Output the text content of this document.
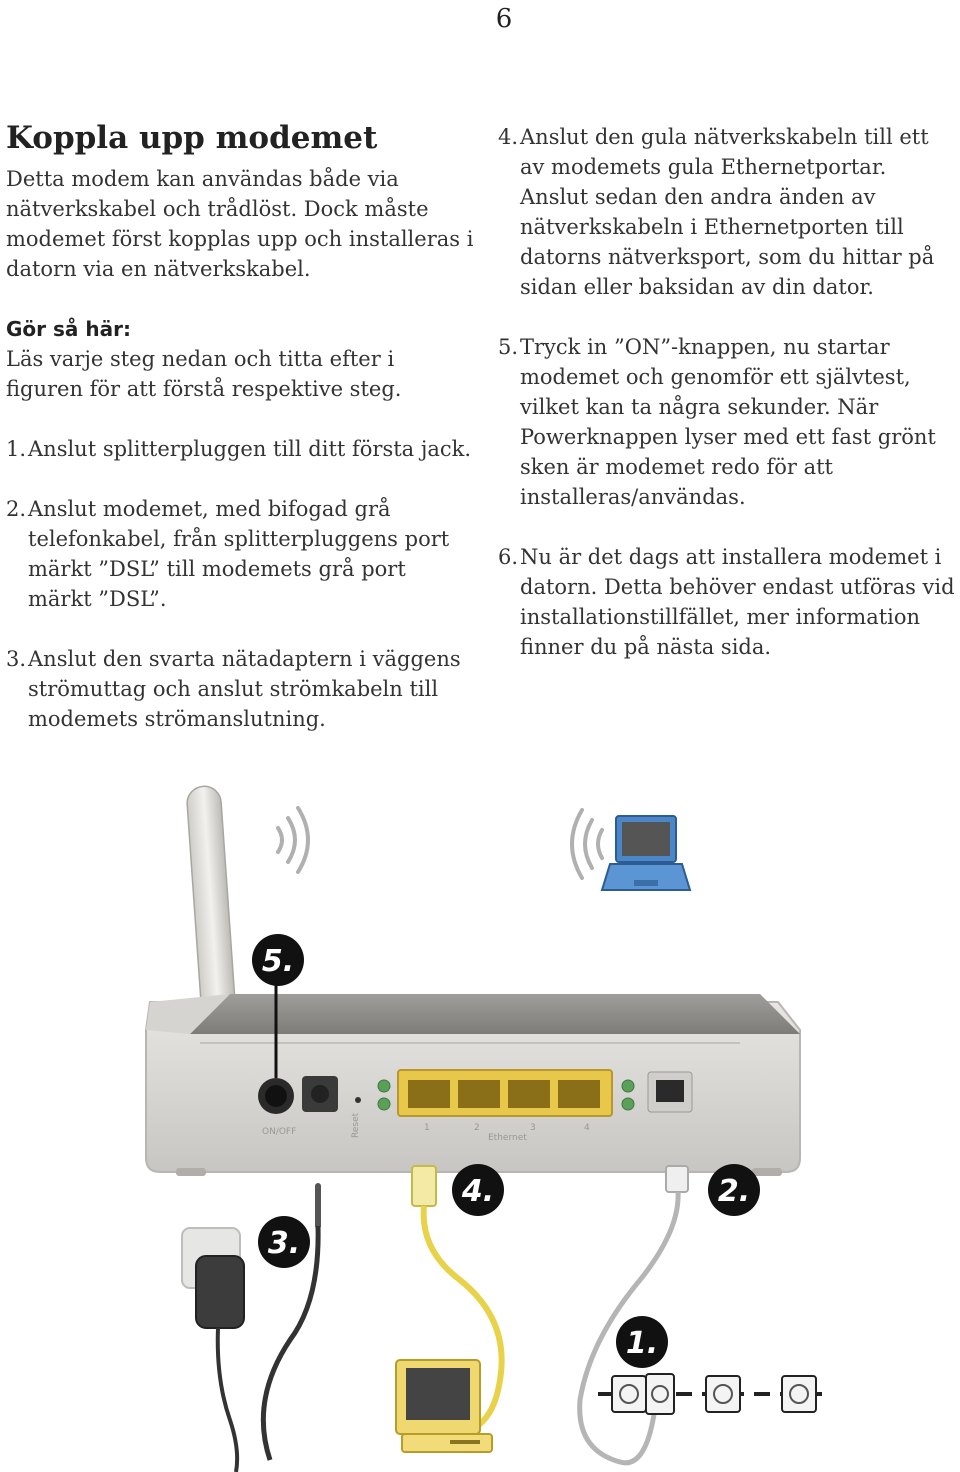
6
Koppla upp modemet

Detta modem kan användas både via nätverkskabel och trådlöst. Dock måste modemet först kopplas upp och installeras i datorn via en nätverkskabel.

Gör så här:

Läs varje steg nedan och titta efter i figuren för att förstå respektive steg.

1. Anslut splitterpluggen till ditt första jack.
2. Anslut modemet, med bifogad grå telefonkabel, från splitterpluggens port märkt ”DSL” till modemets grå port märkt ”DSL”.
3. Anslut den svarta nätadaptern i väggens strömuttag och anslut strömkabeln till modemets strömanslutning.
4. Anslut den gula nätverkskabeln till ett av modemets gula Ethernetportar. Anslut sedan den andra änden av nätverkskabeln i Ethernetporten till datorns nätverksport, som du hittar på sidan eller baksidan av din dator.
5. Tryck in ”ON”-knappen, nu startar modemet och genomför ett självtest, vilket kan ta några sekunder. När Powerknappen lyser med ett fast grönt sken är modemet redo för att installeras/användas.
6. Nu är det dags att installera modemet i datorn. Detta behöver endast utföras vid installationstillfället, mer information finner du på nästa sida.
ON/OFF	1	2	3	4
Ethernet
Reset
5.
3.
4.	2.
1.
